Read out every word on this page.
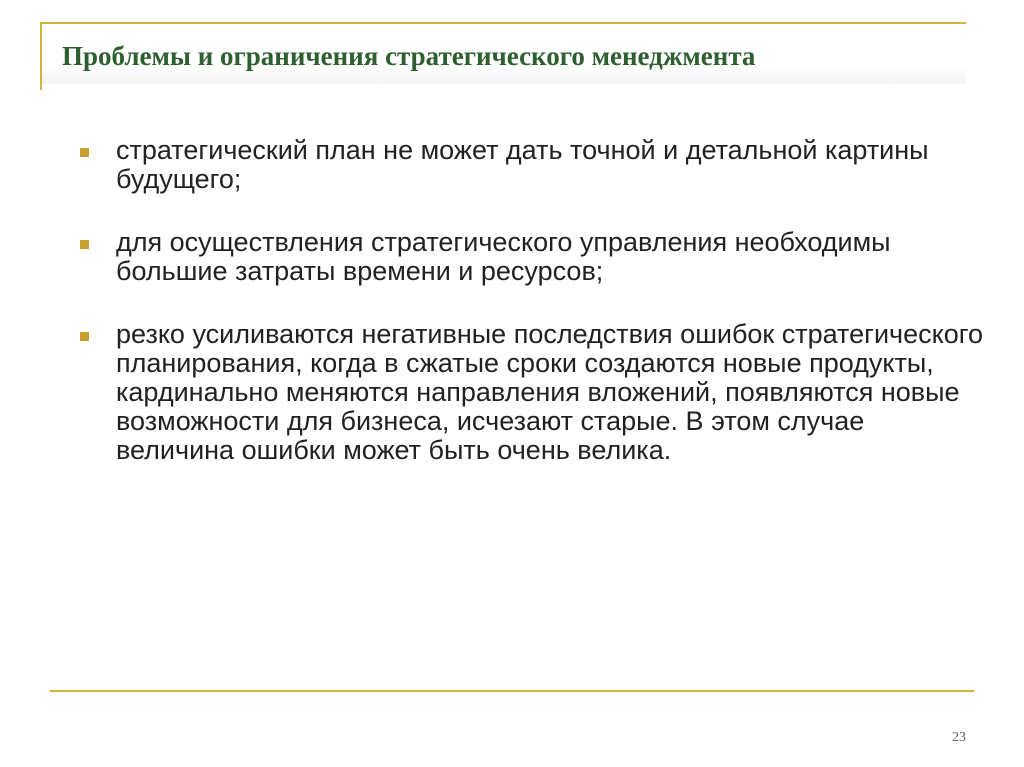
Проблемы и ограничения стратегического менеджмента
стратегический план не может дать точной и детальной картины будущего;
для осуществления стратегического управления необходимы большие затраты времени и ресурсов;
резко усиливаются негативные последствия ошибок стратегического планирования, когда в сжатые сроки создаются новые продукты, кардинально меняются направления вложений, появляются новые возможности для бизнеса, исчезают старые. В этом случае величина ошибки может быть очень велика.
23
